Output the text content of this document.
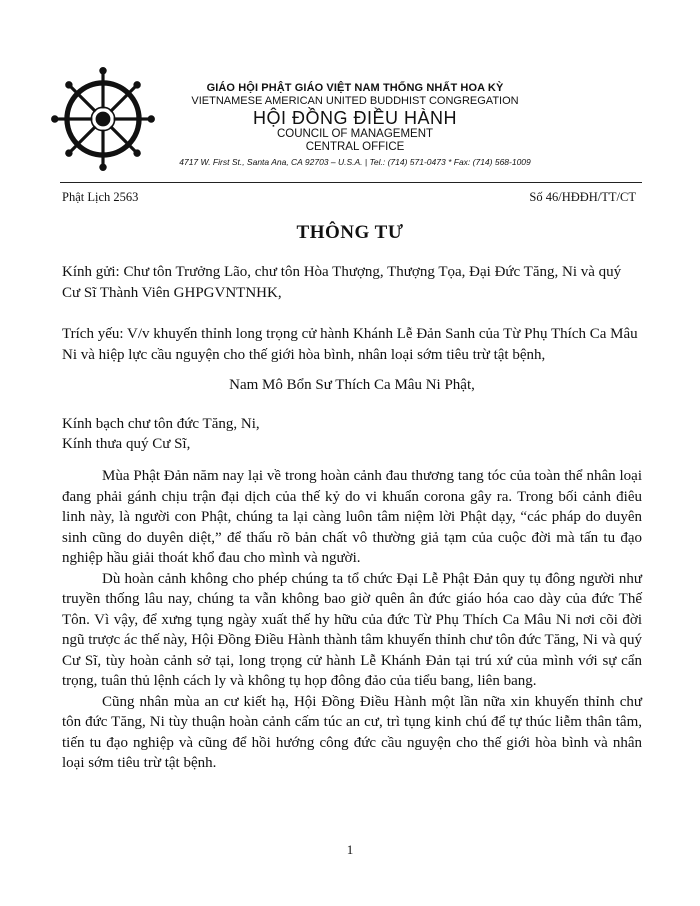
GIÁO HỘI PHẬT GIÁO VIỆT NAM THỐNG NHẤT HOA KỲ
VIETNAMESE AMERICAN UNITED BUDDHIST CONGREGATION
HỘI ĐỒNG ĐIỀU HÀNH
COUNCIL OF MANAGEMENT
CENTRAL OFFICE
4717 W. First St., Santa Ana, CA 92703 – U.S.A. | Tel.: (714) 571-0473 * Fax: (714) 568-1009
Phật Lịch 2563	Số 46/HĐĐH/TT/CT
THÔNG TƯ
Kính gửi: Chư tôn Trưởng Lão, chư tôn Hòa Thượng, Thượng Tọa, Đại Đức Tăng, Ni và quý Cư Sĩ Thành Viên GHPGVNTNHK,
Trích yếu: V/v khuyến thỉnh long trọng cử hành Khánh Lễ Đản Sanh của Từ Phụ Thích Ca Mâu Ni và hiệp lực cầu nguyện cho thế giới hòa bình, nhân loại sớm tiêu trừ tật bệnh,
Nam Mô Bổn Sư Thích Ca Mâu Ni Phật,
Kính bạch chư tôn đức Tăng, Ni,
Kính thưa quý Cư Sĩ,
Mùa Phật Đản năm nay lại về trong hoàn cảnh đau thương tang tóc của toàn thể nhân loại đang phải gánh chịu trận đại dịch của thế kỷ do vi khuẩn corona gây ra. Trong bối cảnh điêu linh này, là người con Phật, chúng ta lại càng luôn tâm niệm lời Phật dạy, “các pháp do duyên sinh cũng do duyên diệt,” để thấu rõ bản chất vô thường giả tạm của cuộc đời mà tấn tu đạo nghiệp hầu giải thoát khổ đau cho mình và người.
Dù hoàn cảnh không cho phép chúng ta tổ chức Đại Lễ Phật Đản quy tụ đông người như truyền thống lâu nay, chúng ta vẫn không bao giờ quên ân đức giáo hóa cao dày của đức Thế Tôn. Vì vậy, để xưng tụng ngày xuất thế hy hữu của đức Từ Phụ Thích Ca Mâu Ni nơi cõi đời ngũ trược ác thế này, Hội Đồng Điều Hành thành tâm khuyến thỉnh chư tôn đức Tăng, Ni và quý Cư Sĩ, tùy hoàn cảnh sở tại, long trọng cử hành Lễ Khánh Đản tại trú xứ của mình với sự cẩn trọng, tuân thủ lệnh cách ly và không tụ họp đông đảo của tiểu bang, liên bang.
Cũng nhân mùa an cư kiết hạ, Hội Đồng Điều Hành một lần nữa xin khuyến thỉnh chư tôn đức Tăng, Ni tùy thuận hoàn cảnh cấm túc an cư, trì tụng kinh chú để tự thúc liễm thân tâm, tiến tu đạo nghiệp và cũng để hồi hướng công đức cầu nguyện cho thế giới hòa bình và nhân loại sớm tiêu trừ tật bệnh.
1
